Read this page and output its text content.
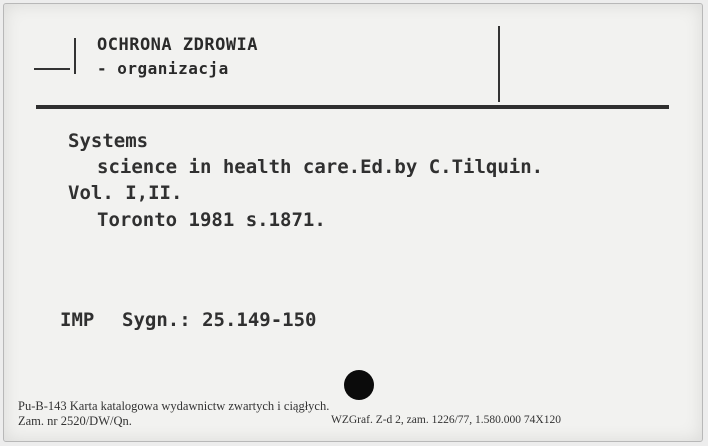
OCHRONA ZDROWIA
- organizacja
Systems
science in health care.Ed.by C.Tilquin.
Vol. I,II.
Toronto 1981 s.1871.
IMP Sygn.: 25.149-150
Pu-B-143 Karta katalogowa wydawnictw zwartych i ciągłych.
Zam. nr 2520/DW/Qn.	WZGraf. Z-d 2, zam. 1226/77, 1.580.000 74X120
